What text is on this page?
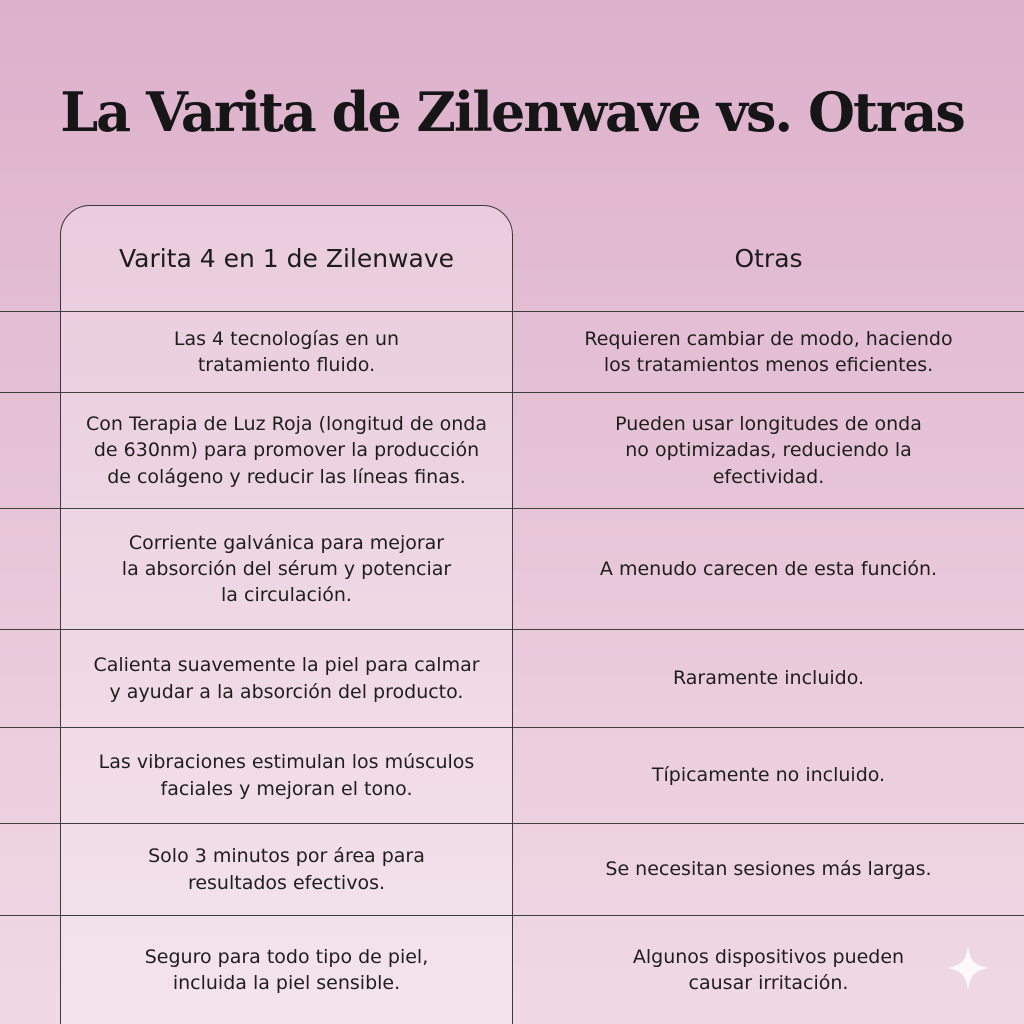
La Varita de Zilenwave vs. Otras
Varita 4 en 1 de Zilenwave	Otras
Las 4 tecnologías en un
tratamiento fluido.
Requieren cambiar de modo, haciendo
los tratamientos menos eficientes.
Con Terapia de Luz Roja (longitud de onda
de 630nm) para promover la producción
de colágeno y reducir las líneas finas.
Pueden usar longitudes de onda
no optimizadas, reduciendo la
efectividad.
Corriente galvánica para mejorar
la absorción del sérum y potenciar
la circulación.
A menudo carecen de esta función.
Calienta suavemente la piel para calmar
y ayudar a la absorción del producto.
Raramente incluido.
Las vibraciones estimulan los músculos
faciales y mejoran el tono.
Típicamente no incluido.
Solo 3 minutos por área para
resultados efectivos.
Se necesitan sesiones más largas.
Seguro para todo tipo de piel,
incluida la piel sensible.
Algunos dispositivos pueden
causar irritación.
